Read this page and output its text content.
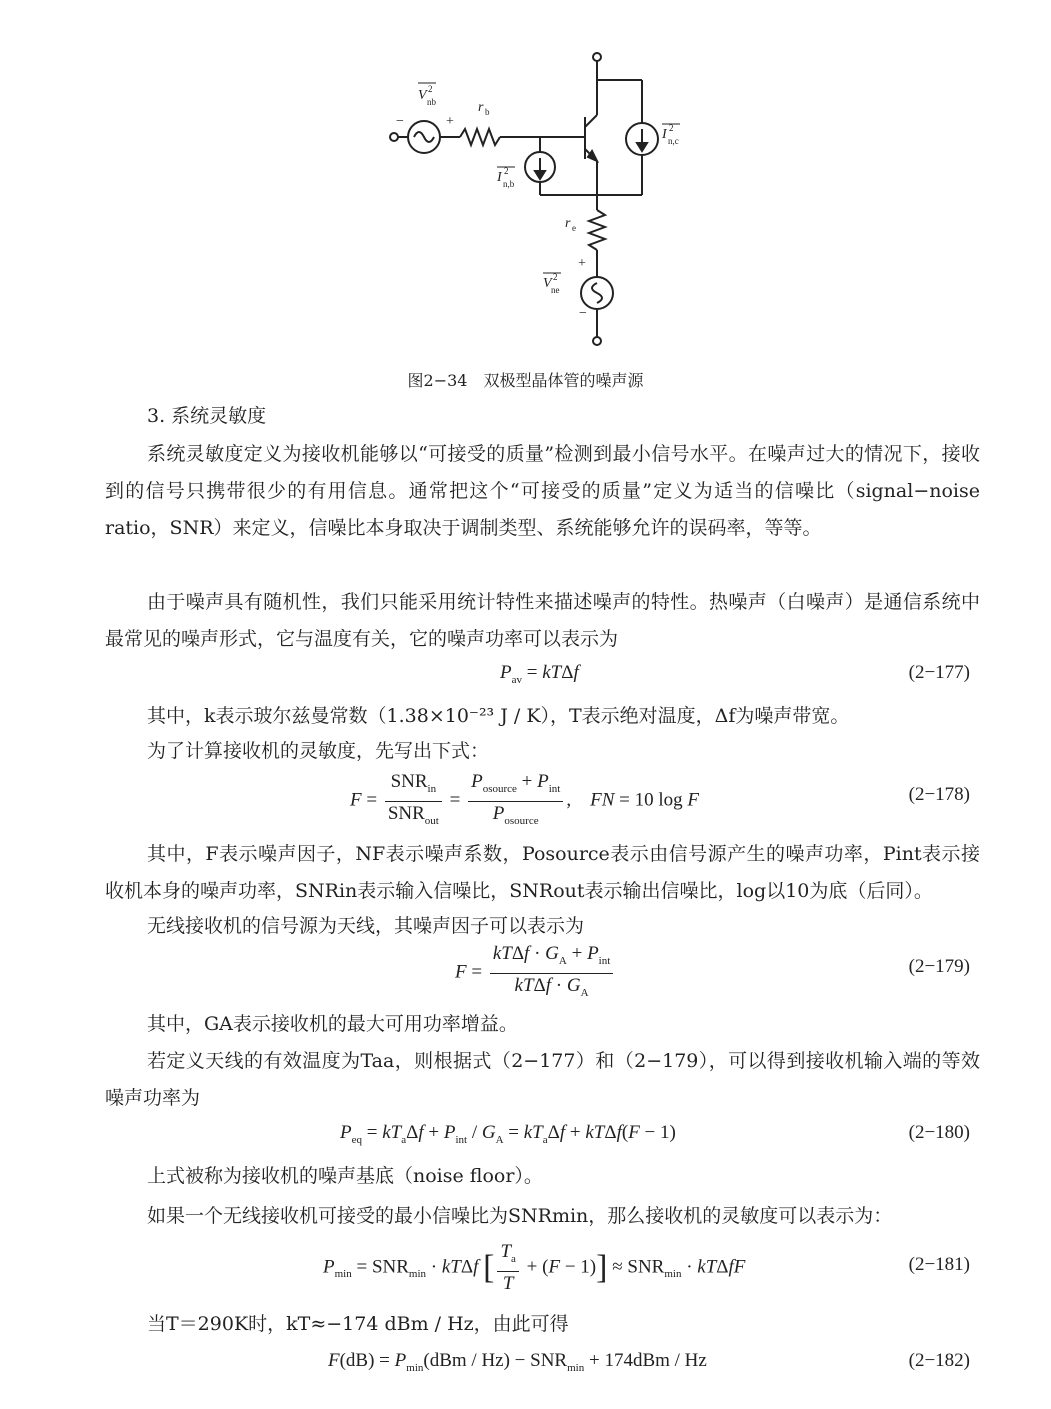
V 2
nb
−	+
r b
I 2
n,b
I 2
n,c
r e
+
V 2
ne
−
图2−34　双极型晶体管的噪声源
3. 系统灵敏度
系统灵敏度定义为接收机能够以“可接受的质量”检测到最小信号水平。在噪声过大的情况下，接收到的信号只携带很少的有用信息。通常把这个“可接受的质量”定义为适当的信噪比（signal−noise ratio，SNR）来定义，信噪比本身取决于调制类型、系统能够允许的误码率，等等。
由于噪声具有随机性，我们只能采用统计特性来描述噪声的特性。热噪声（白噪声）是通信系统中最常见的噪声形式，它与温度有关，它的噪声功率可以表示为
$P_{av} = kT\Delta f$	(2−177)
其中，k表示玻尔兹曼常数（1.38×10⁻²³ J / K），T表示绝对温度，Δf为噪声带宽。
为了计算接收机的灵敏度，先写出下式：
$F = \frac{SNR_{in}}{SNR_{out}} = \frac{P_{osource} + P_{int}}{P_{osource}}$ ,    FN = 10 log F	(2−178)
其中，F表示噪声因子，NF表示噪声系数，Posource表示由信号源产生的噪声功率，Pint表示接收机本身的噪声功率，SNRin表示输入信噪比，SNRout表示输出信噪比，log以10为底（后同）。
无线接收机的信号源为天线，其噪声因子可以表示为
$F = \frac{kT\Delta f \cdot G_A + P_{int}}{kT\Delta f \cdot G_A}$	(2−179)
其中，GA表示接收机的最大可用功率增益。
若定义天线的有效温度为Taa，则根据式（2−177）和（2−179），可以得到接收机输入端的等效噪声功率为
$P_{eq} = kT_a\Delta f + P_{int} / G_A = kT_a\Delta f + kT\Delta f(F - 1)$	(2−180)
上式被称为接收机的噪声基底（noise floor）。
如果一个无线接收机可接受的最小信噪比为SNRmin，那么接收机的灵敏度可以表示为：
$P_{min} = SNR_{min} \cdot kT\Delta f$ [ $\frac{T_a}{T} + (F - 1)] \approx SNR_{min} \cdot kT\Delta fF$	(2−181)
当T＝290K时，kT≈−174 dBm / Hz，由此可得
$F(dB) = P_{min}(dBm / Hz) - SNR_{min} + 174dBm / Hz$	(2−182)
